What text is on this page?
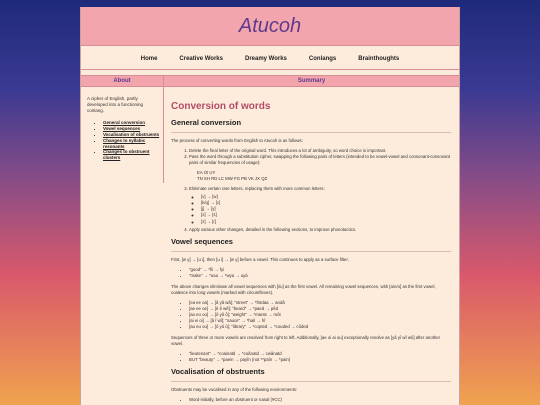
Atucoh
Home	Creative Works	Dreamy Works	Conlangs	Brainthoughts
About
A cipher of English, partly developed into a functioning conlang.
• General conversion
• Vowel sequences
• Vocalisation of obstruents
• Changes to syllabic resonants
• Changes to obstruent clusters
Summary
Conversion of words
General conversion

The process of converting words from English to Atucoh is as follows:

1. Delete the final letter of the original word. This introduces a lot of ambiguity, so word choice is important.
2. Pass the word through a substitution cipher, swapping the following pairs of letters (intended to be vowel-vowel and consonant-consonant pairs of similar frequencies of usage):
EA OI UY
TN SH RD LC MW FG PB VK JX QZ
3. Eliminate certain rare letters, replacing them with more common letters:
◦ [v] → [w]
◦ [k/q] → [c]
◦ [j] → [y]
◦ [x] → [s]
◦ [z] → [r]
4. Apply various other changes, detailed in the following sections, to improve phonotactics.
Vowel sequences

First, [w y] → [u i], then [u i] → [w y] before a vowel. This continues to apply as a surface filter.

• "good" → *fii → fyi
• "make" → *uau → *wya → uyá

The above changes eliminate all vowel sequences with [i/u] as the first vowel. All remaining vowel sequences, with [a/e/o] as the first vowel, coalesce into long vowels (marked with circumflexes).

• [ea ee oa] → [â yâ wâ]; "street" → *fntdaa → andâ
• [ae ee oe] → [ê ê wê]; "beard" → *paed → pêd
• [ao eo oo] → [ô yô ô]; "weight" → *mants → môt
• [ai ei oi] → [â î wî]; "sauce" → *hail → hî
• [au eu ou] → [ô yû û]; "library" → *copted → *couded → côded

Sequences of three or more vowels are resolved from right to left. Additionally, [ae oi ai ou] exceptionally resolve as [yâ yî wî wû] after another vowel.

• "lieutenant" → *coainatd → *coânatd → cwânatd
• BUT "beauty" → *paein → payîn (not **paîn → *pain)
Vocalisation of obstruents

Obstruents may be vocalised in any of the following environments:

• Word-initially, before an obstruent or nasal (#CC)
